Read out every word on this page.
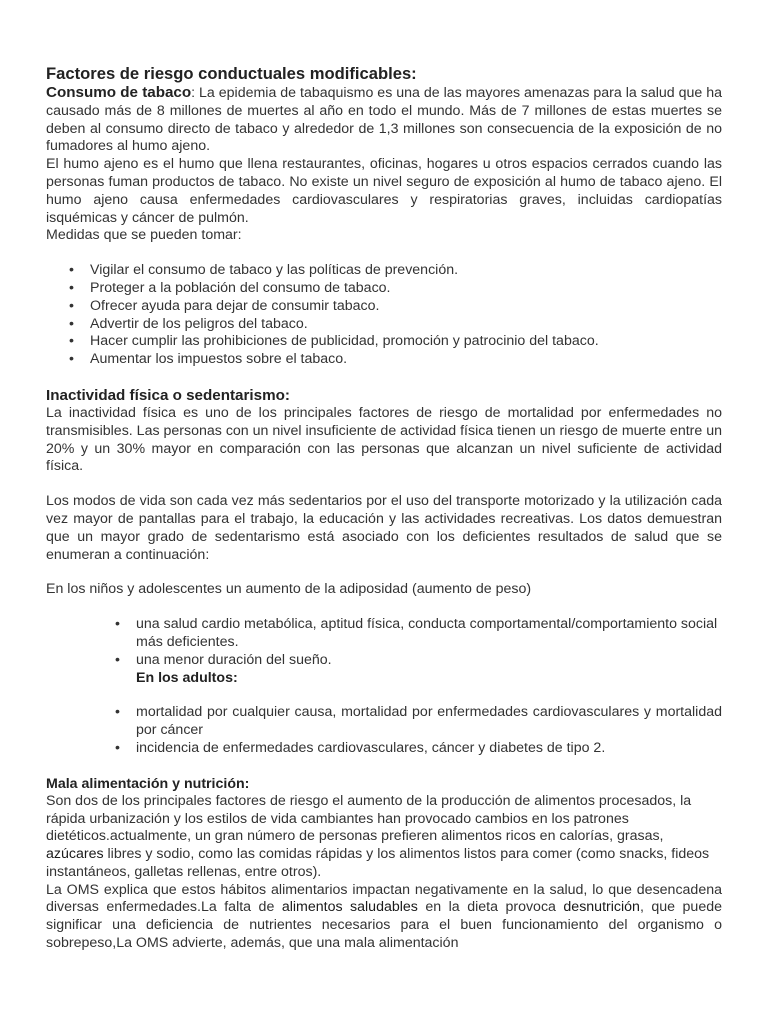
Factores de riesgo conductuales modificables:

Consumo de tabaco: La epidemia de tabaquismo es una de las mayores amenazas para la salud que ha causado más de 8 millones de muertes al año en todo el mundo. Más de 7 millones de estas muertes se deben al consumo directo de tabaco y alrededor de 1,3 millones son consecuencia de la exposición de no fumadores al humo ajeno.

El humo ajeno es el humo que llena restaurantes, oficinas, hogares u otros espacios cerrados cuando las personas fuman productos de tabaco. No existe un nivel seguro de exposición al humo de tabaco ajeno. El humo ajeno causa enfermedades cardiovasculares y respiratorias graves, incluidas cardiopatías isquémicas y cáncer de pulmón.

Medidas que se pueden tomar:

• Vigilar el consumo de tabaco y las políticas de prevención.
• Proteger a la población del consumo de tabaco.
• Ofrecer ayuda para dejar de consumir tabaco.
• Advertir de los peligros del tabaco.
• Hacer cumplir las prohibiciones de publicidad, promoción y patrocinio del tabaco.
• Aumentar los impuestos sobre el tabaco.
Inactividad física o sedentarismo:

La inactividad física es uno de los principales factores de riesgo de mortalidad por enfermedades no transmisibles. Las personas con un nivel insuficiente de actividad física tienen un riesgo de muerte entre un 20% y un 30% mayor en comparación con las personas que alcanzan un nivel suficiente de actividad física.

Los modos de vida son cada vez más sedentarios por el uso del transporte motorizado y la utilización cada vez mayor de pantallas para el trabajo, la educación y las actividades recreativas. Los datos demuestran que un mayor grado de sedentarismo está asociado con los deficientes resultados de salud que se enumeran a continuación:

En los niños y adolescentes un aumento de la adiposidad (aumento de peso)

• una salud cardio metabólica, aptitud física, conducta comportamental/comportamiento social más deficientes.
• una menor duración del sueño.
En los adultos:
• mortalidad por cualquier causa, mortalidad por enfermedades cardiovasculares y mortalidad por cáncer
• incidencia de enfermedades cardiovasculares, cáncer y diabetes de tipo 2.
Mala alimentación y nutrición:

Son dos de los principales factores de riesgo el aumento de la producción de alimentos procesados, la rápida urbanización y los estilos de vida cambiantes han provocado cambios en los patrones dietéticos.actualmente, un gran número de personas prefieren alimentos ricos en calorías, grasas, azúcares libres y sodio, como las comidas rápidas y los alimentos listos para comer (como snacks, fideos instantáneos, galletas rellenas, entre otros).

La OMS explica que estos hábitos alimentarios impactan negativamente en la salud, lo que desencadena diversas enfermedades.La falta de alimentos saludables en la dieta provoca desnutrición, que puede significar una deficiencia de nutrientes necesarios para el buen funcionamiento del organismo o sobrepeso,La OMS advierte, además, que una mala alimentación
